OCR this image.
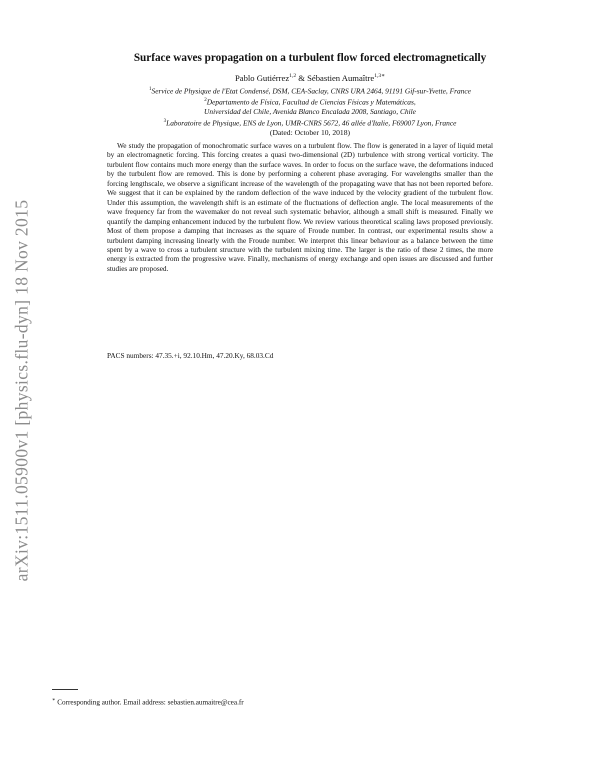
arXiv:1511.05900v1 [physics.flu-dyn] 18 Nov 2015
Surface waves propagation on a turbulent flow forced electromagnetically
Pablo Gutiérrez$^{1,2}$ & Sébastien Aumaître$^{1,3∗}$
$^1$Service de Physique de l'Etat Condensé, DSM, CEA-Saclay, CNRS URA 2464, 91191 Gif-sur-Yvette, France
$^2$Departamento de Física, Facultad de Ciencias Físicas y Matemáticas,
Universidad del Chile, Avenida Blanco Encalada 2008, Santiago, Chile
$^3$Laboratoire de Physique, ENS de Lyon, UMR-CNRS 5672, 46 allée d'Italie, F69007 Lyon, France
(Dated: October 10, 2018)
We study the propagation of monochromatic surface waves on a turbulent flow. The flow is generated in a layer of liquid metal by an electromagnetic forcing. This forcing creates a quasi two-dimensional (2D) turbulence with strong vertical vorticity. The turbulent flow contains much more energy than the surface waves. In order to focus on the surface wave, the deformations induced by the turbulent flow are removed. This is done by performing a coherent phase averaging. For wavelengths smaller than the forcing lengthscale, we observe a significant increase of the wavelength of the propagating wave that has not been reported before. We suggest that it can be explained by the random deflection of the wave induced by the velocity gradient of the turbulent flow. Under this assumption, the wavelength shift is an estimate of the fluctuations of deflection angle. The local measurements of the wave frequency far from the wavemaker do not reveal such systematic behavior, although a small shift is measured. Finally we quantify the damping enhancement induced by the turbulent flow. We review various theoretical scaling laws proposed previously. Most of them propose a damping that increases as the square of Froude number. In contrast, our experimental results show a turbulent damping increasing linearly with the Froude number. We interpret this linear behaviour as a balance between the time spent by a wave to cross a turbulent structure with the turbulent mixing time. The larger is the ratio of these 2 times, the more energy is extracted from the progressive wave. Finally, mechanisms of energy exchange and open issues are discussed and further studies are proposed.
PACS numbers: 47.35.+i, 92.10.Hm, 47.20.Ky, 68.03.Cd
∗ Corresponding author. Email address: sebastien.aumaitre@cea.fr
